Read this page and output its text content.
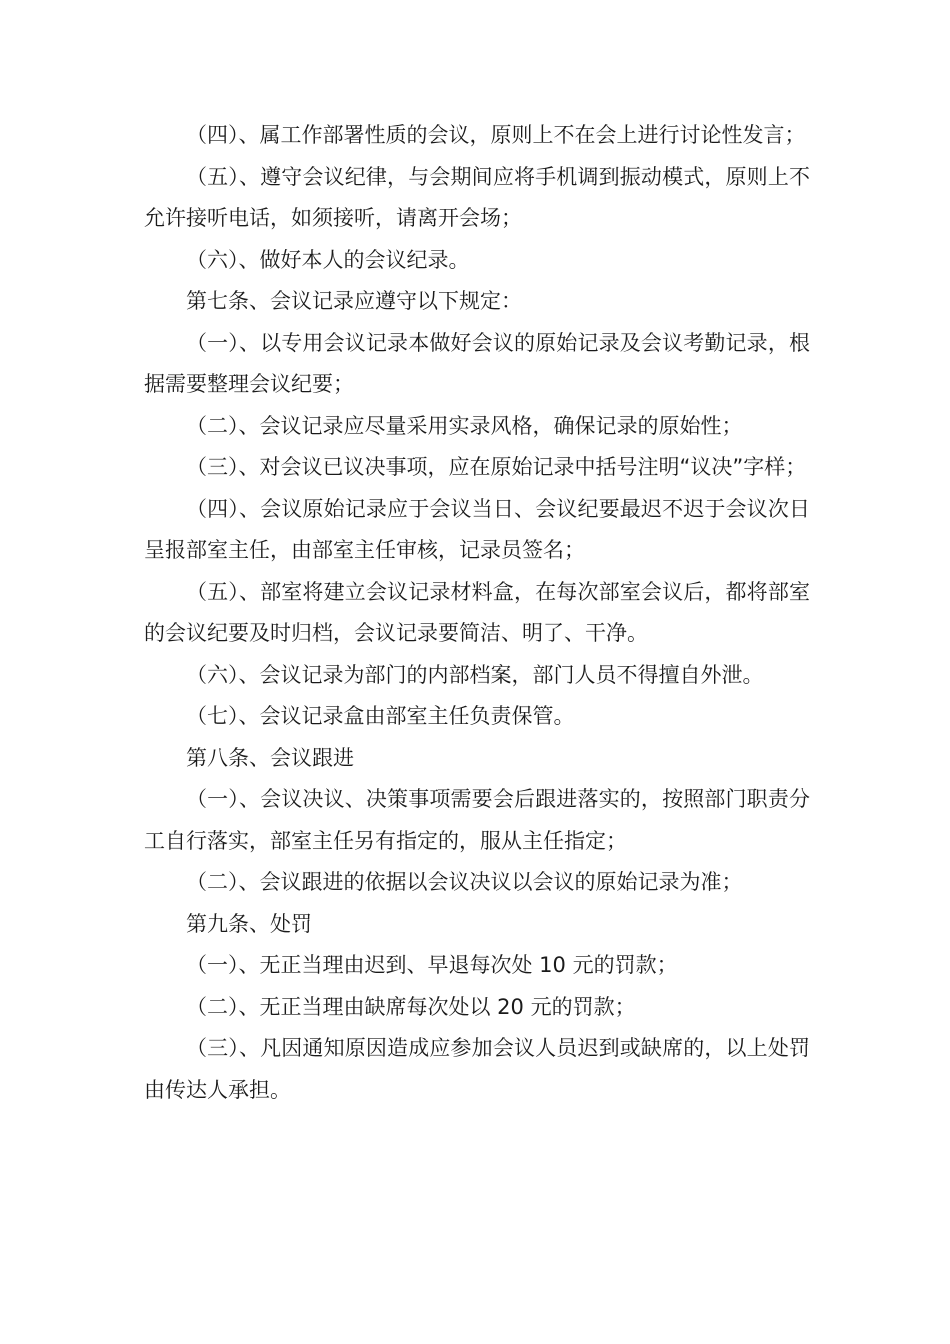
（四）、属工作部署性质的会议，原则上不在会上进行讨论性发言；

（五）、遵守会议纪律，与会期间应将手机调到振动模式，原则上不允许接听电话，如须接听，请离开会场；

（六）、做好本人的会议纪录。

第七条、会议记录应遵守以下规定：

（一）、以专用会议记录本做好会议的原始记录及会议考勤记录，根据需要整理会议纪要；

（二）、会议记录应尽量采用实录风格，确保记录的原始性；

（三）、对会议已议决事项，应在原始记录中括号注明“议决”字样；

（四）、会议原始记录应于会议当日、会议纪要最迟不迟于会议次日呈报部室主任，由部室主任审核，记录员签名；

（五）、部室将建立会议记录材料盒，在每次部室会议后，都将部室的会议纪要及时归档，会议记录要简洁、明了、干净。

（六）、会议记录为部门的内部档案，部门人员不得擅自外泄。

（七）、会议记录盒由部室主任负责保管。

第八条、会议跟进

（一）、会议决议、决策事项需要会后跟进落实的，按照部门职责分工自行落实，部室主任另有指定的，服从主任指定；

（二）、会议跟进的依据以会议决议以会议的原始记录为准；

第九条、处罚

（一）、无正当理由迟到、早退每次处 10 元的罚款；

（二）、无正当理由缺席每次处以 20 元的罚款；

（三）、凡因通知原因造成应参加会议人员迟到或缺席的，以上处罚由传达人承担。
